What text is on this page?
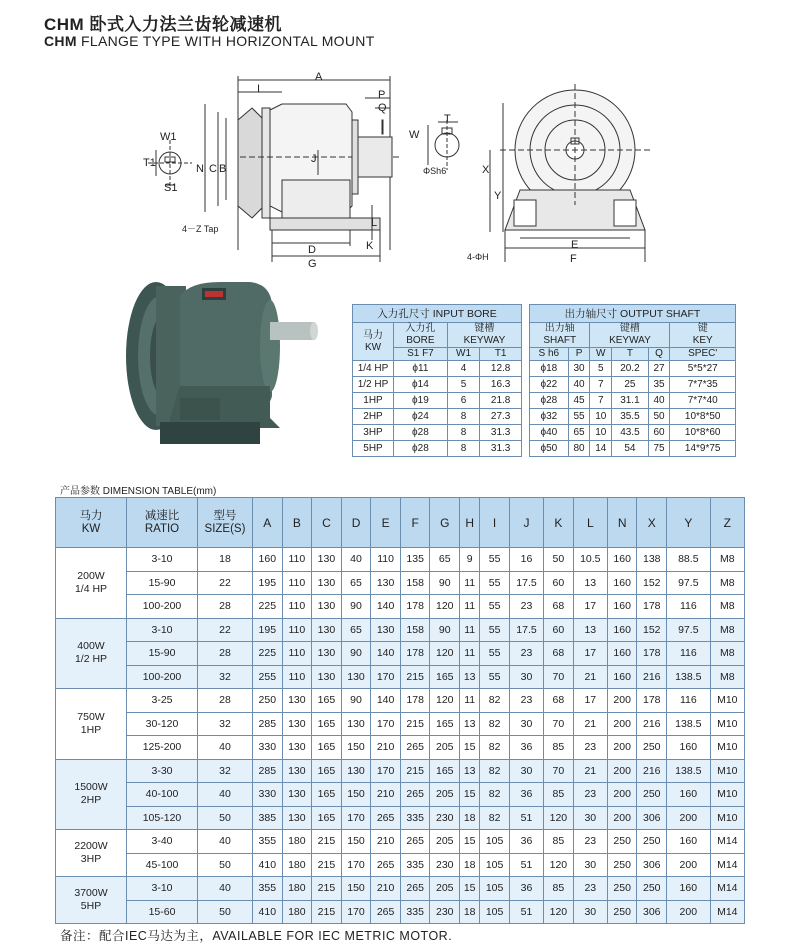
CHM 卧式入力法兰齿轮减速机
CHM FLANGE TYPE WITH HORIZONTAL MOUNT
A
I	P
Q
T
W
W1
T1
S1
N C B
J
L
K
D
G
X
Y
E
F
ΦSh6
4－Z Tap
4-ΦH
入力孔尺寸 INPUT BORE			
马力
KW	入力孔
BORE	键槽
KEYWAY	
	S1 F7	W1	T1
1/4 HP	ϕ11	4	12.8
1/2 HP	ϕ14	5	16.3
1HP	ϕ19	6	21.8
2HP	ϕ24	8	27.3
3HP	ϕ28	8	31.3
5HP	ϕ28	8	31.3
出力轴尺寸 OUTPUT SHAFT					
出力轴
SHAFT		键槽
KEYWAY			键
KEY
S h6	P	W	T	Q	SPEC'
ϕ18	30	5	20.2	27	5*5*27
ϕ22	40	7	25	35	7*7*35
ϕ28	45	7	31.1	40	7*7*40
ϕ32	55	10	35.5	50	10*8*50
ϕ40	65	10	43.5	60	10*8*60
ϕ50	80	14	54	75	14*9*75
产品参数 DIMENSION TABLE(mm)
马力
KW	减速比
RATIO	型号
SIZE(S)	A	B	C	D	E	F	G	H	I	J	K	L	N	X	Y	Z
200W
1/4 HP	3-10	18	160	110	130	40	110	135	65	9	55	16	50	10.5	160	138	88.5	M8
	15-90	22	195	110	130	65	130	158	90	11	55	17.5	60	13	160	152	97.5	M8
	100-200	28	225	110	130	90	140	178	120	11	55	23	68	17	160	178	116	M8
400W
1/2 HP	3-10	22	195	110	130	65	130	158	90	11	55	17.5	60	13	160	152	97.5	M8
	15-90	28	225	110	130	90	140	178	120	11	55	23	68	17	160	178	116	M8
	100-200	32	255	110	130	130	170	215	165	13	55	30	70	21	160	216	138.5	M8
750W
1HP	3-25	28	250	130	165	90	140	178	120	11	82	23	68	17	200	178	116	M10
	30-120	32	285	130	165	130	170	215	165	13	82	30	70	21	200	216	138.5	M10
	125-200	40	330	130	165	150	210	265	205	15	82	36	85	23	200	250	160	M10
1500W
2HP	3-30	32	285	130	165	130	170	215	165	13	82	30	70	21	200	216	138.5	M10
	40-100	40	330	130	165	150	210	265	205	15	82	36	85	23	200	250	160	M10
	105-120	50	385	130	165	170	265	335	230	18	82	51	120	30	200	306	200	M10
2200W
3HP	3-40	40	355	180	215	150	210	265	205	15	105	36	85	23	250	250	160	M14
	45-100	50	410	180	215	170	265	335	230	18	105	51	120	30	250	306	200	M14
3700W
5HP	3-10	40	355	180	215	150	210	265	205	15	105	36	85	23	250	250	160	M14
	15-60	50	410	180	215	170	265	335	230	18	105	51	120	30	250	306	200	M14
备注：配合IEC马达为主，AVAILABLE FOR IEC METRIC MOTOR.
